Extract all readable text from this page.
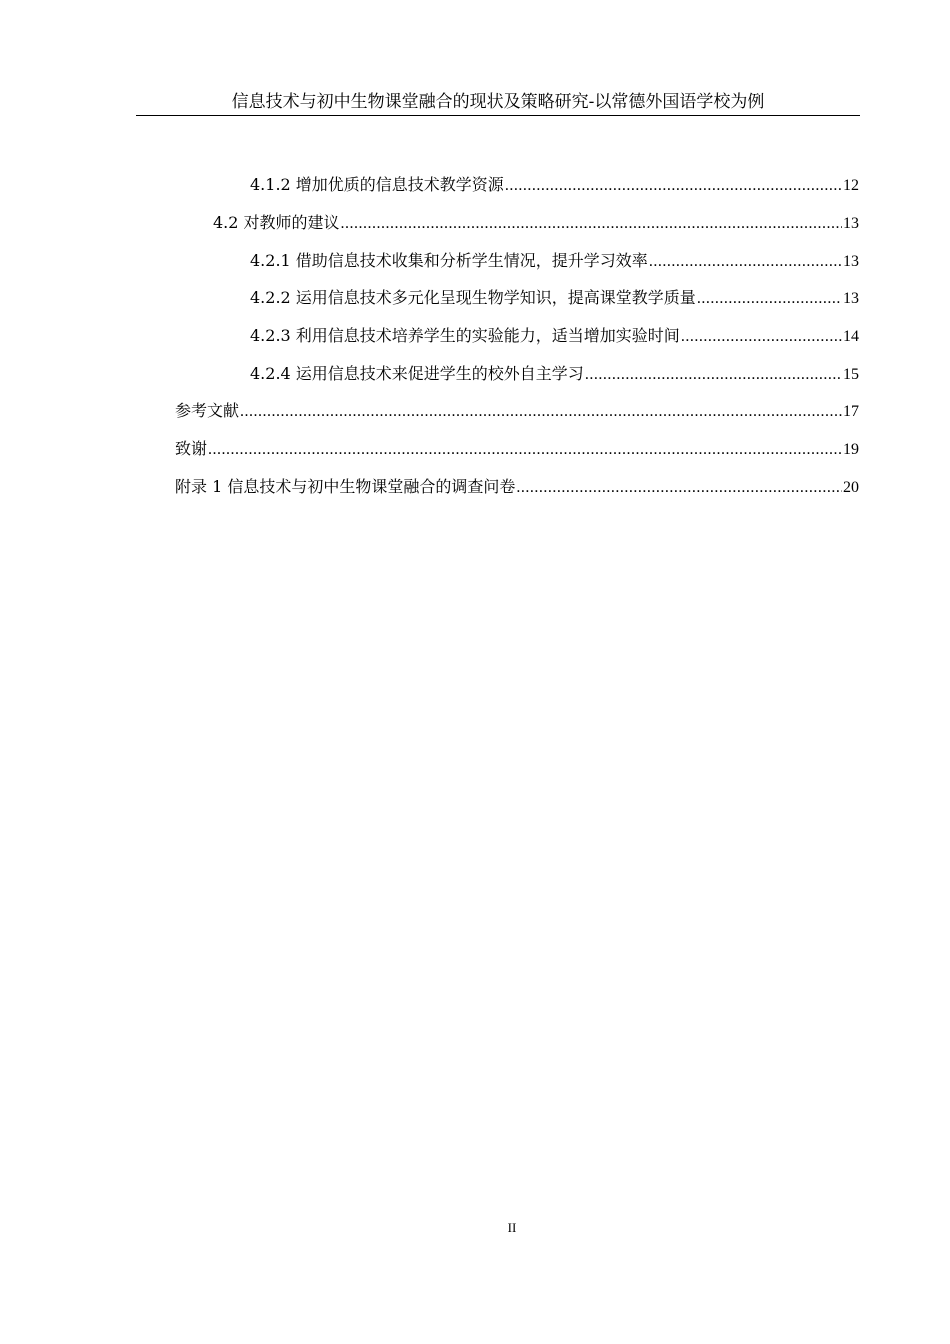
信息技术与初中生物课堂融合的现状及策略研究-以常德外国语学校为例
4.1.2 增加优质的信息技术教学资源 .....	12
4.2 对教师的建议 .....	13
4.2.1 借助信息技术收集和分析学生情况，提升学习效率 .....	13
4.2.2 运用信息技术多元化呈现生物学知识，提高课堂教学质量 .....	13
4.2.3 利用信息技术培养学生的实验能力，适当增加实验时间 .....	14
4.2.4 运用信息技术来促进学生的校外自主学习 .....	15
参考文献 .....	17
致谢 .....	19
附录 1 信息技术与初中生物课堂融合的调查问卷 .....	20
II
